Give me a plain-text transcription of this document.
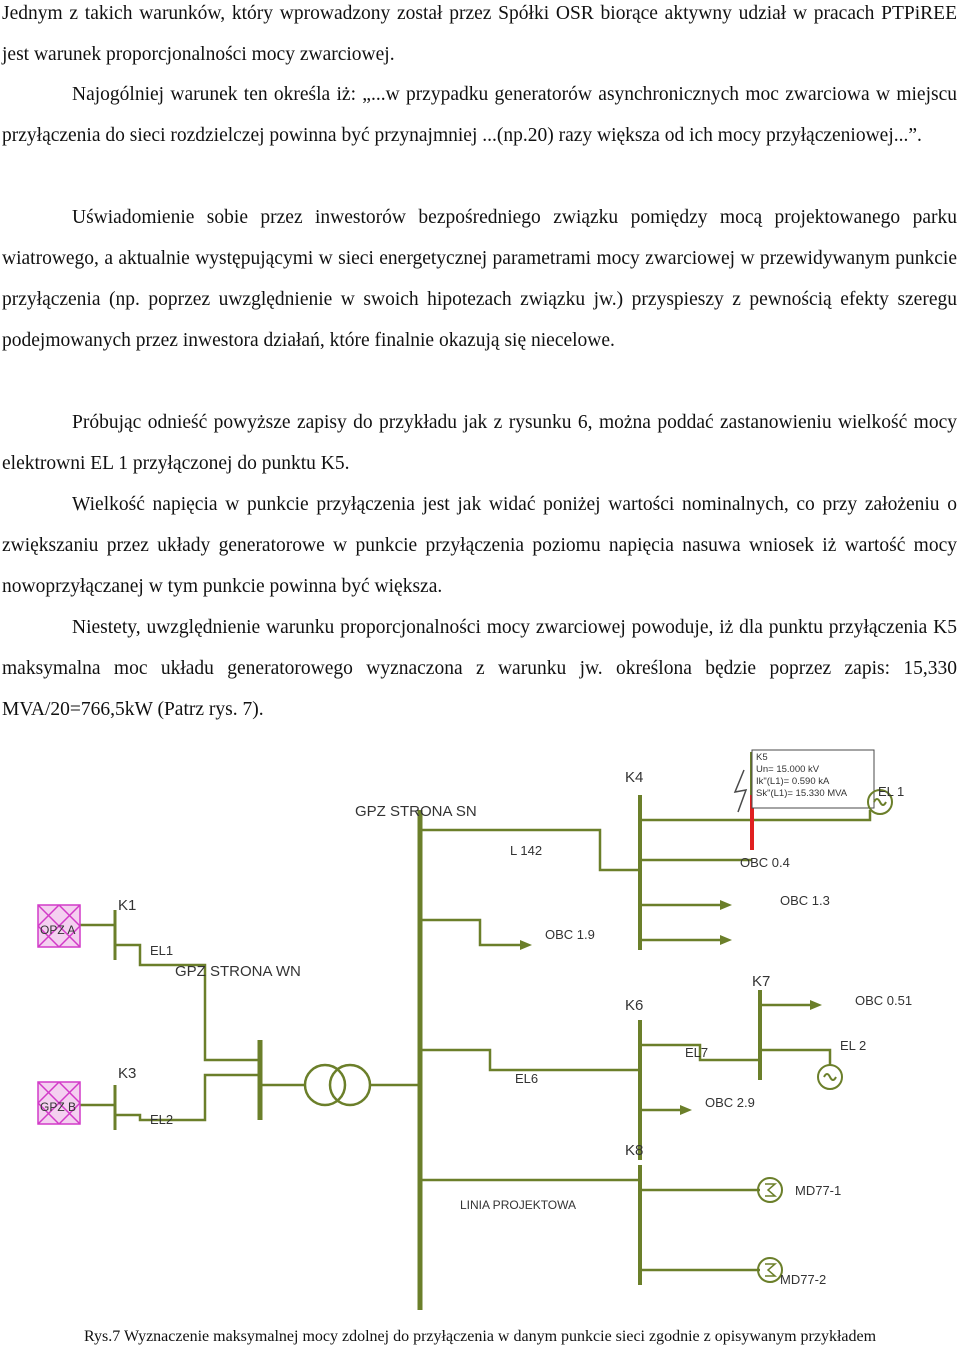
Jednym z takich warunków, który wprowadzony został przez Spółki OSR biorące aktywny udział w pracach PTPiREE jest warunek proporcjonalności mocy zwarciowej.

Najogólniej warunek ten określa iż: „...w przypadku generatorów asynchronicznych moc zwarciowa w miejscu przyłączenia do sieci rozdzielczej powinna być przynajmniej ...(np.20) razy większa od ich mocy przyłączeniowej...”.

Uświadomienie sobie przez inwestorów bezpośredniego związku pomiędzy mocą projektowanego parku wiatrowego, a aktualnie występującymi w sieci energetycznej parametrami mocy zwarciowej w przewidywanym punkcie przyłączenia (np. poprzez uwzględnienie w swoich hipotezach związku jw.) przyspieszy z pewnością efekty szeregu podejmowanych przez inwestora działań, które finalnie okazują się niecelowe.

Próbując odnieść powyższe zapisy do przykładu jak z rysunku 6, można poddać zastanowieniu wielkość mocy elektrowni EL 1 przyłączonej do punktu K5.

Wielkość napięcia w punkcie przyłączenia jest jak widać poniżej wartości nominalnych, co przy założeniu o zwiększaniu przez układy generatorowe w punkcie przyłączenia poziomu napięcia nasuwa wniosek iż wartość mocy nowoprzyłączanej w tym punkcie powinna być większa.

Niestety, uwzględnienie warunku proporcjonalności mocy zwarciowej powoduje, iż dla punktu przyłączenia K5 maksymalna moc układu generatorowego wyznaczona z warunku jw. określona będzie poprzez zapis: 15,330 MVA/20=766,5kW (Patrz rys. 7).

GPZ STRONA SN
GPZ STRONA WN
OPZ A
GPZ B
K1
K3
K4
K6
K7
K8
EL1
EL2
EL 1
EL 2
L 142
OBC 0.4
OBC 1.3
OBC 1.9
OBC 0.51
EL6
EL7
OBC 2.9
LINIA PROJEKTOWA
MD77-1
MD77-2
K5
Un= 15.000 kV
Ik"(L1)= 0.590 kA
Sk"(L1)= 15.330 MVA

Rys.7 Wyznaczenie maksymalnej mocy zdolnej do przyłączenia w danym punkcie sieci zgodnie z opisywanym przykładem
